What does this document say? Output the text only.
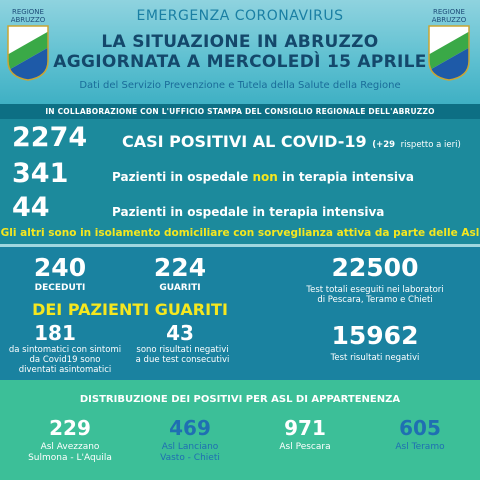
REGIONE ABRUZZO
REGIONE ABRUZZO
EMERGENZA CORONAVIRUS
LA SITUAZIONE IN ABRUZZO
AGGIORNATA A MERCOLEDÌ 15 APRILE
Dati del Servizio Prevenzione e Tutela della Salute della Regione
IN COLLABORAZIONE CON L'UFFICIO STAMPA DEL CONSIGLIO REGIONALE DELL'ABRUZZO
2274 CASI POSITIVI AL COVID-19 (+29 rispetto a ieri)
341	Pazienti in ospedale non in terapia intensiva
44	Pazienti in ospedale in terapia intensiva
Gli altri sono in isolamento domiciliare con sorveglianza attiva da parte delle Asl
240
DECEDUTI
224
GUARITI
DEI PAZIENTI GUARITI
181
da sintomatici con sintomi
da Covid19 sono
diventati asintomatici
43
sono risultati negativi
a due test consecutivi
22500
Test totali eseguiti nei laboratori
di Pescara, Teramo e Chieti
15962
Test risultati negativi
DISTRIBUZIONE DEI POSITIVI PER ASL DI APPARTENENZA
229
Asl Avezzano
Sulmona - L'Aquila
469
Asl Lanciano
Vasto - Chieti
971
Asl Pescara
605
Asl Teramo
